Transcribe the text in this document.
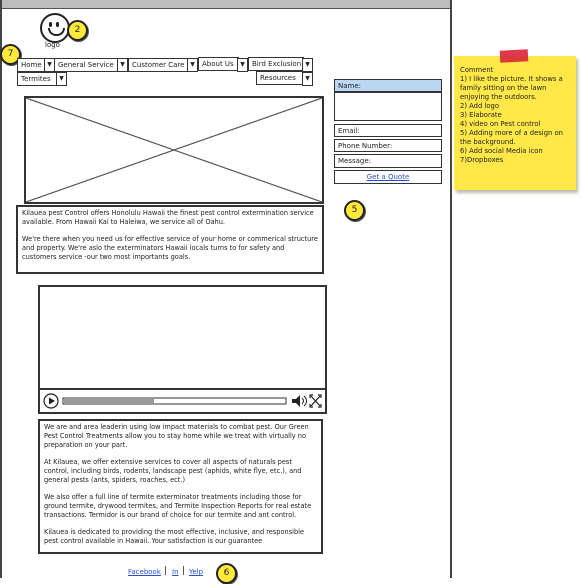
logo
2
7
5
6
Home ▼ General Service	▼	Customer Care ▼	About Us	▼	Bird Exclusion ▼
Termites	▼	Resources	▼

Kilauea pest Control offers Honolulu Hawaii the finest pest control extermination service available. From Hawaii Kai to Haleiwa, we service all of Oahu.

We're there when you need us for effective service of your home or commerical structure and property. We're aslo the exterminators Hawaii locals turns to for safety and customers service -our two most importants goals.

Name:
Email:
Phone Number:
Message:
Get a Quote

We are and area leaderin using low impact materials to combat pest. Our Green Pest Control Treatments allow you to stay home while we treat with virtually no preparation on your part.

At Kilauea, we offer extensive services to cover all aspects of naturals pest control, including birds, rodents, landscape pest (aphids, white flye, etc.), and general pests (ants, spiders, roaches, ect.)

We also offer a full line of termite exterminator treatments including those for ground termite, drywood termites, and Termite Inspection Reports for real estate transactions. Termidor is our brand of choice for our termite and ant control.

Kilauea is dedicated to providing the most effective, inclusive, and responsible pest control available in Hawaii. Your satisfaction is our guarantee

Facebook | In | Yelp
Comment
1) I like the picture. It shows a family sitting on the lawn enjoying the outdoors.
2) Add logo
3) Elaborate
4) video on Pest control
5) Adding more of a design on the background.
6) Add social Media icon
7)Dropboxes
